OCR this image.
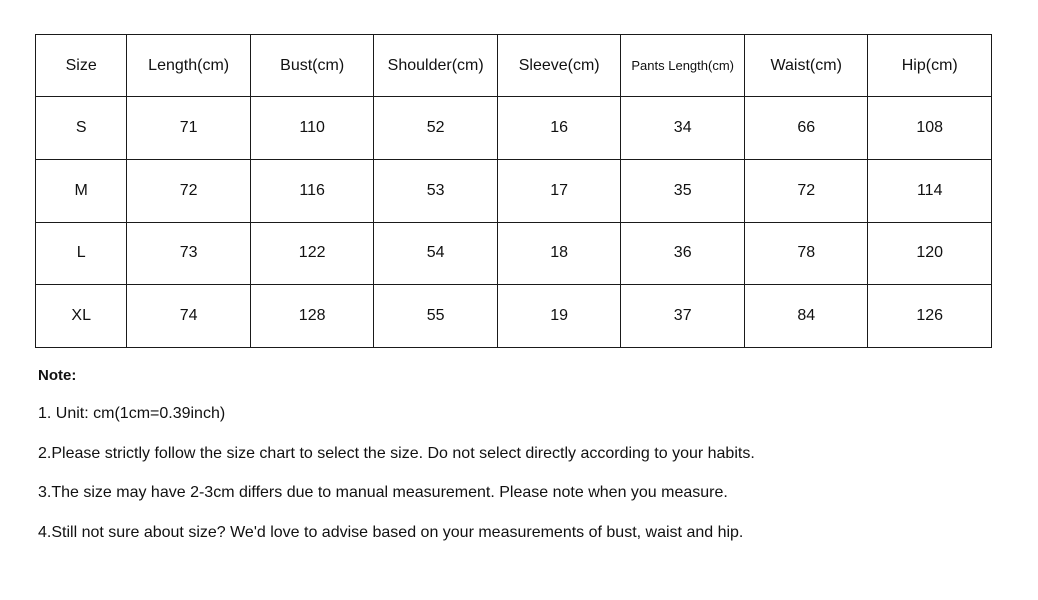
Size	Length(cm)	Bust(cm)	Shoulder(cm)	Sleeve(cm)	Pants Length(cm)	Waist(cm)	Hip(cm)
S	71	110	52	16	34	66	108
M	72	116	53	17	35	72	114
L	73	122	54	18	36	78	120
XL	74	128	55	19	37	84	126

Note:

1. Unit: cm(1cm=0.39inch)
2.Please strictly follow the size chart to select the size. Do not select directly according to your habits.
3.The size may have 2-3cm differs due to manual measurement. Please note when you measure.
4.Still not sure about size? We'd love to advise based on your measurements of bust, waist and hip.
